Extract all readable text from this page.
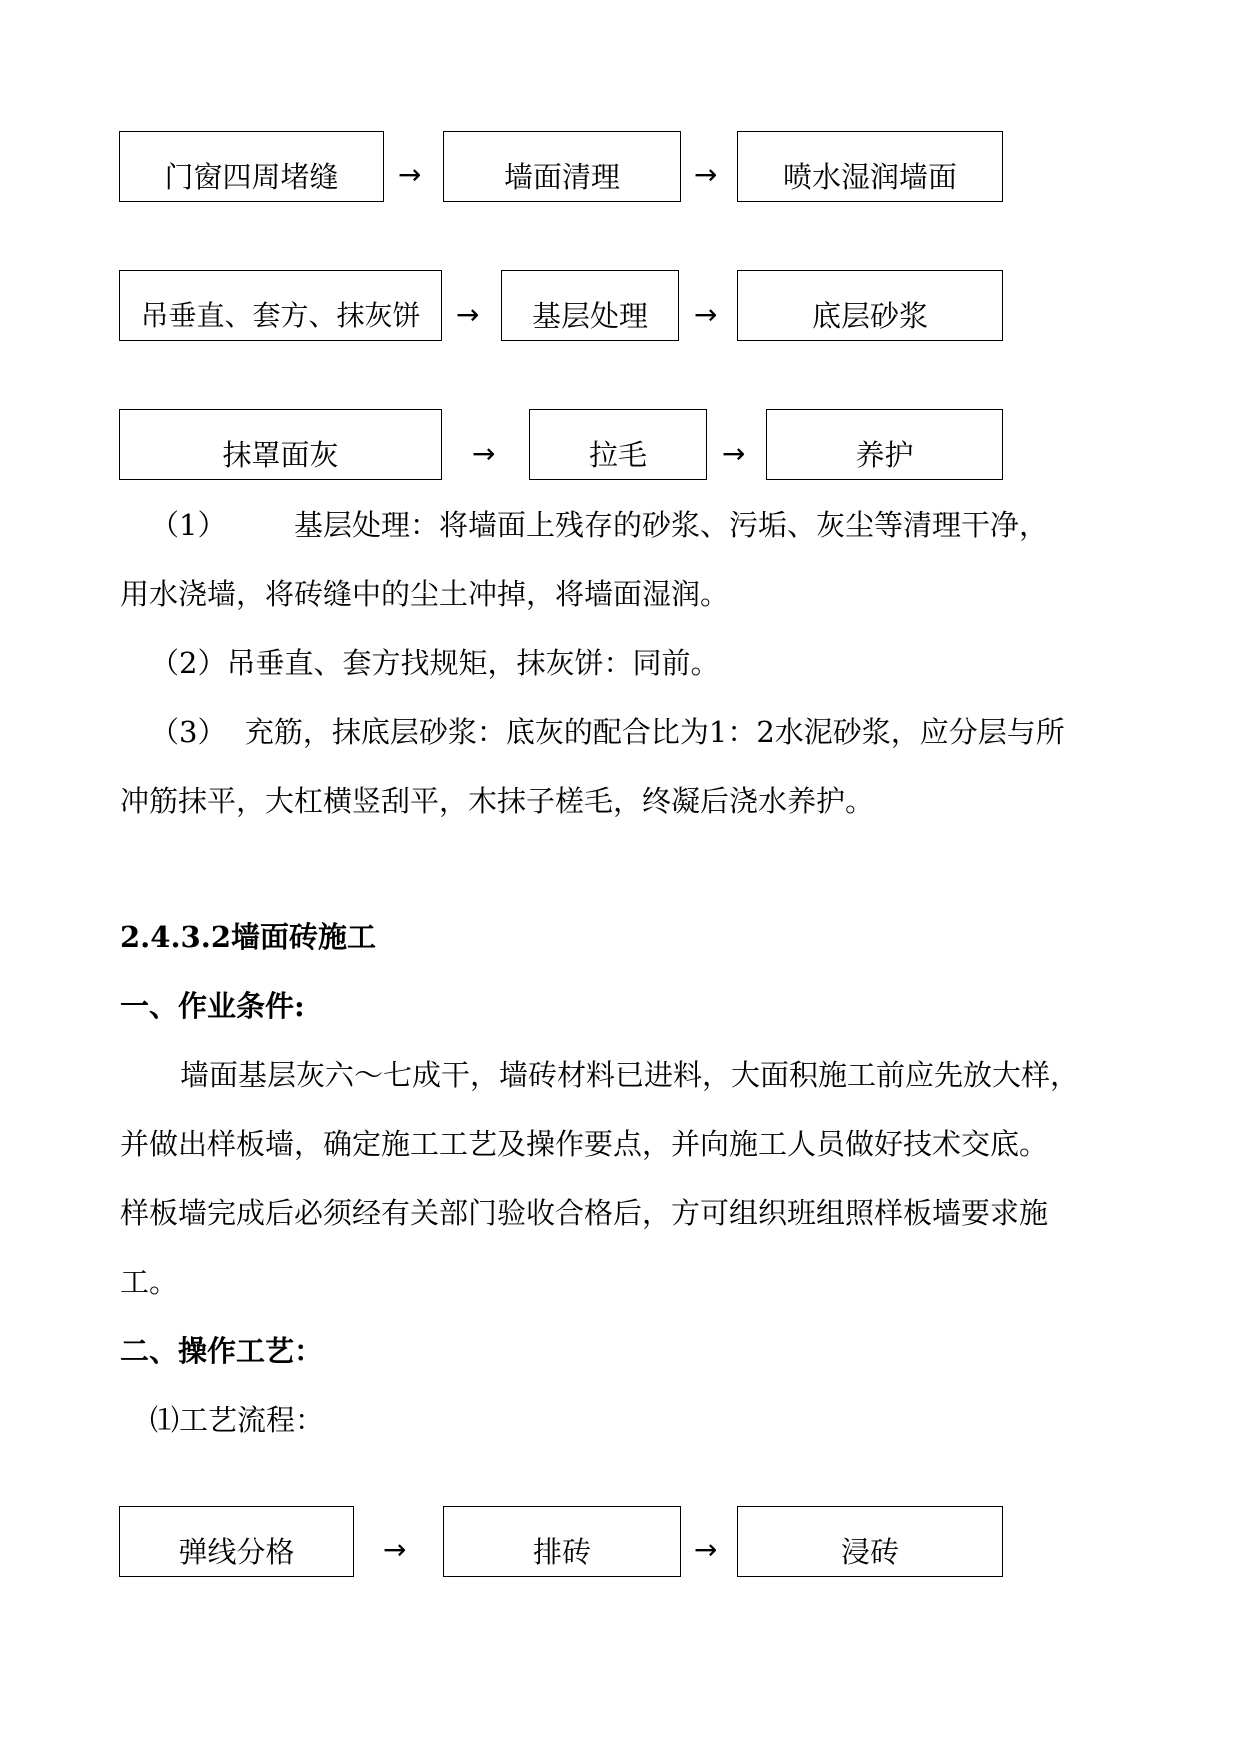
门窗四周堵缝	→	墙面清理	→	喷水湿润墙面
吊垂直、套方、抹灰饼	→	基层处理	→	底层砂浆
抹罩面灰	→	拉毛	→	养护
（1） 基层处理：将墙面上残存的砂浆、污垢、灰尘等清理干净，
用水浇墙，将砖缝中的尘土冲掉，将墙面湿润。
（2）吊垂直、套方找规矩，抹灰饼：同前。
（3）  充筋，抹底层砂浆：底灰的配合比为1：2水泥砂浆，应分层与所
冲筋抹平，大杠横竖刮平，木抹子槎毛，终凝后浇水养护。
2.4.3.2墙面砖施工
一、作业条件:
墙面基层灰六～七成干，墙砖材料已进料，大面积施工前应先放大样，
并做出样板墙，确定施工工艺及操作要点，并向施工人员做好技术交底。
样板墙完成后必须经有关部门验收合格后，方可组织班组照样板墙要求施
工。
二、操作工艺：
⑴工艺流程：
弹线分格	→	排砖	→	浸砖
